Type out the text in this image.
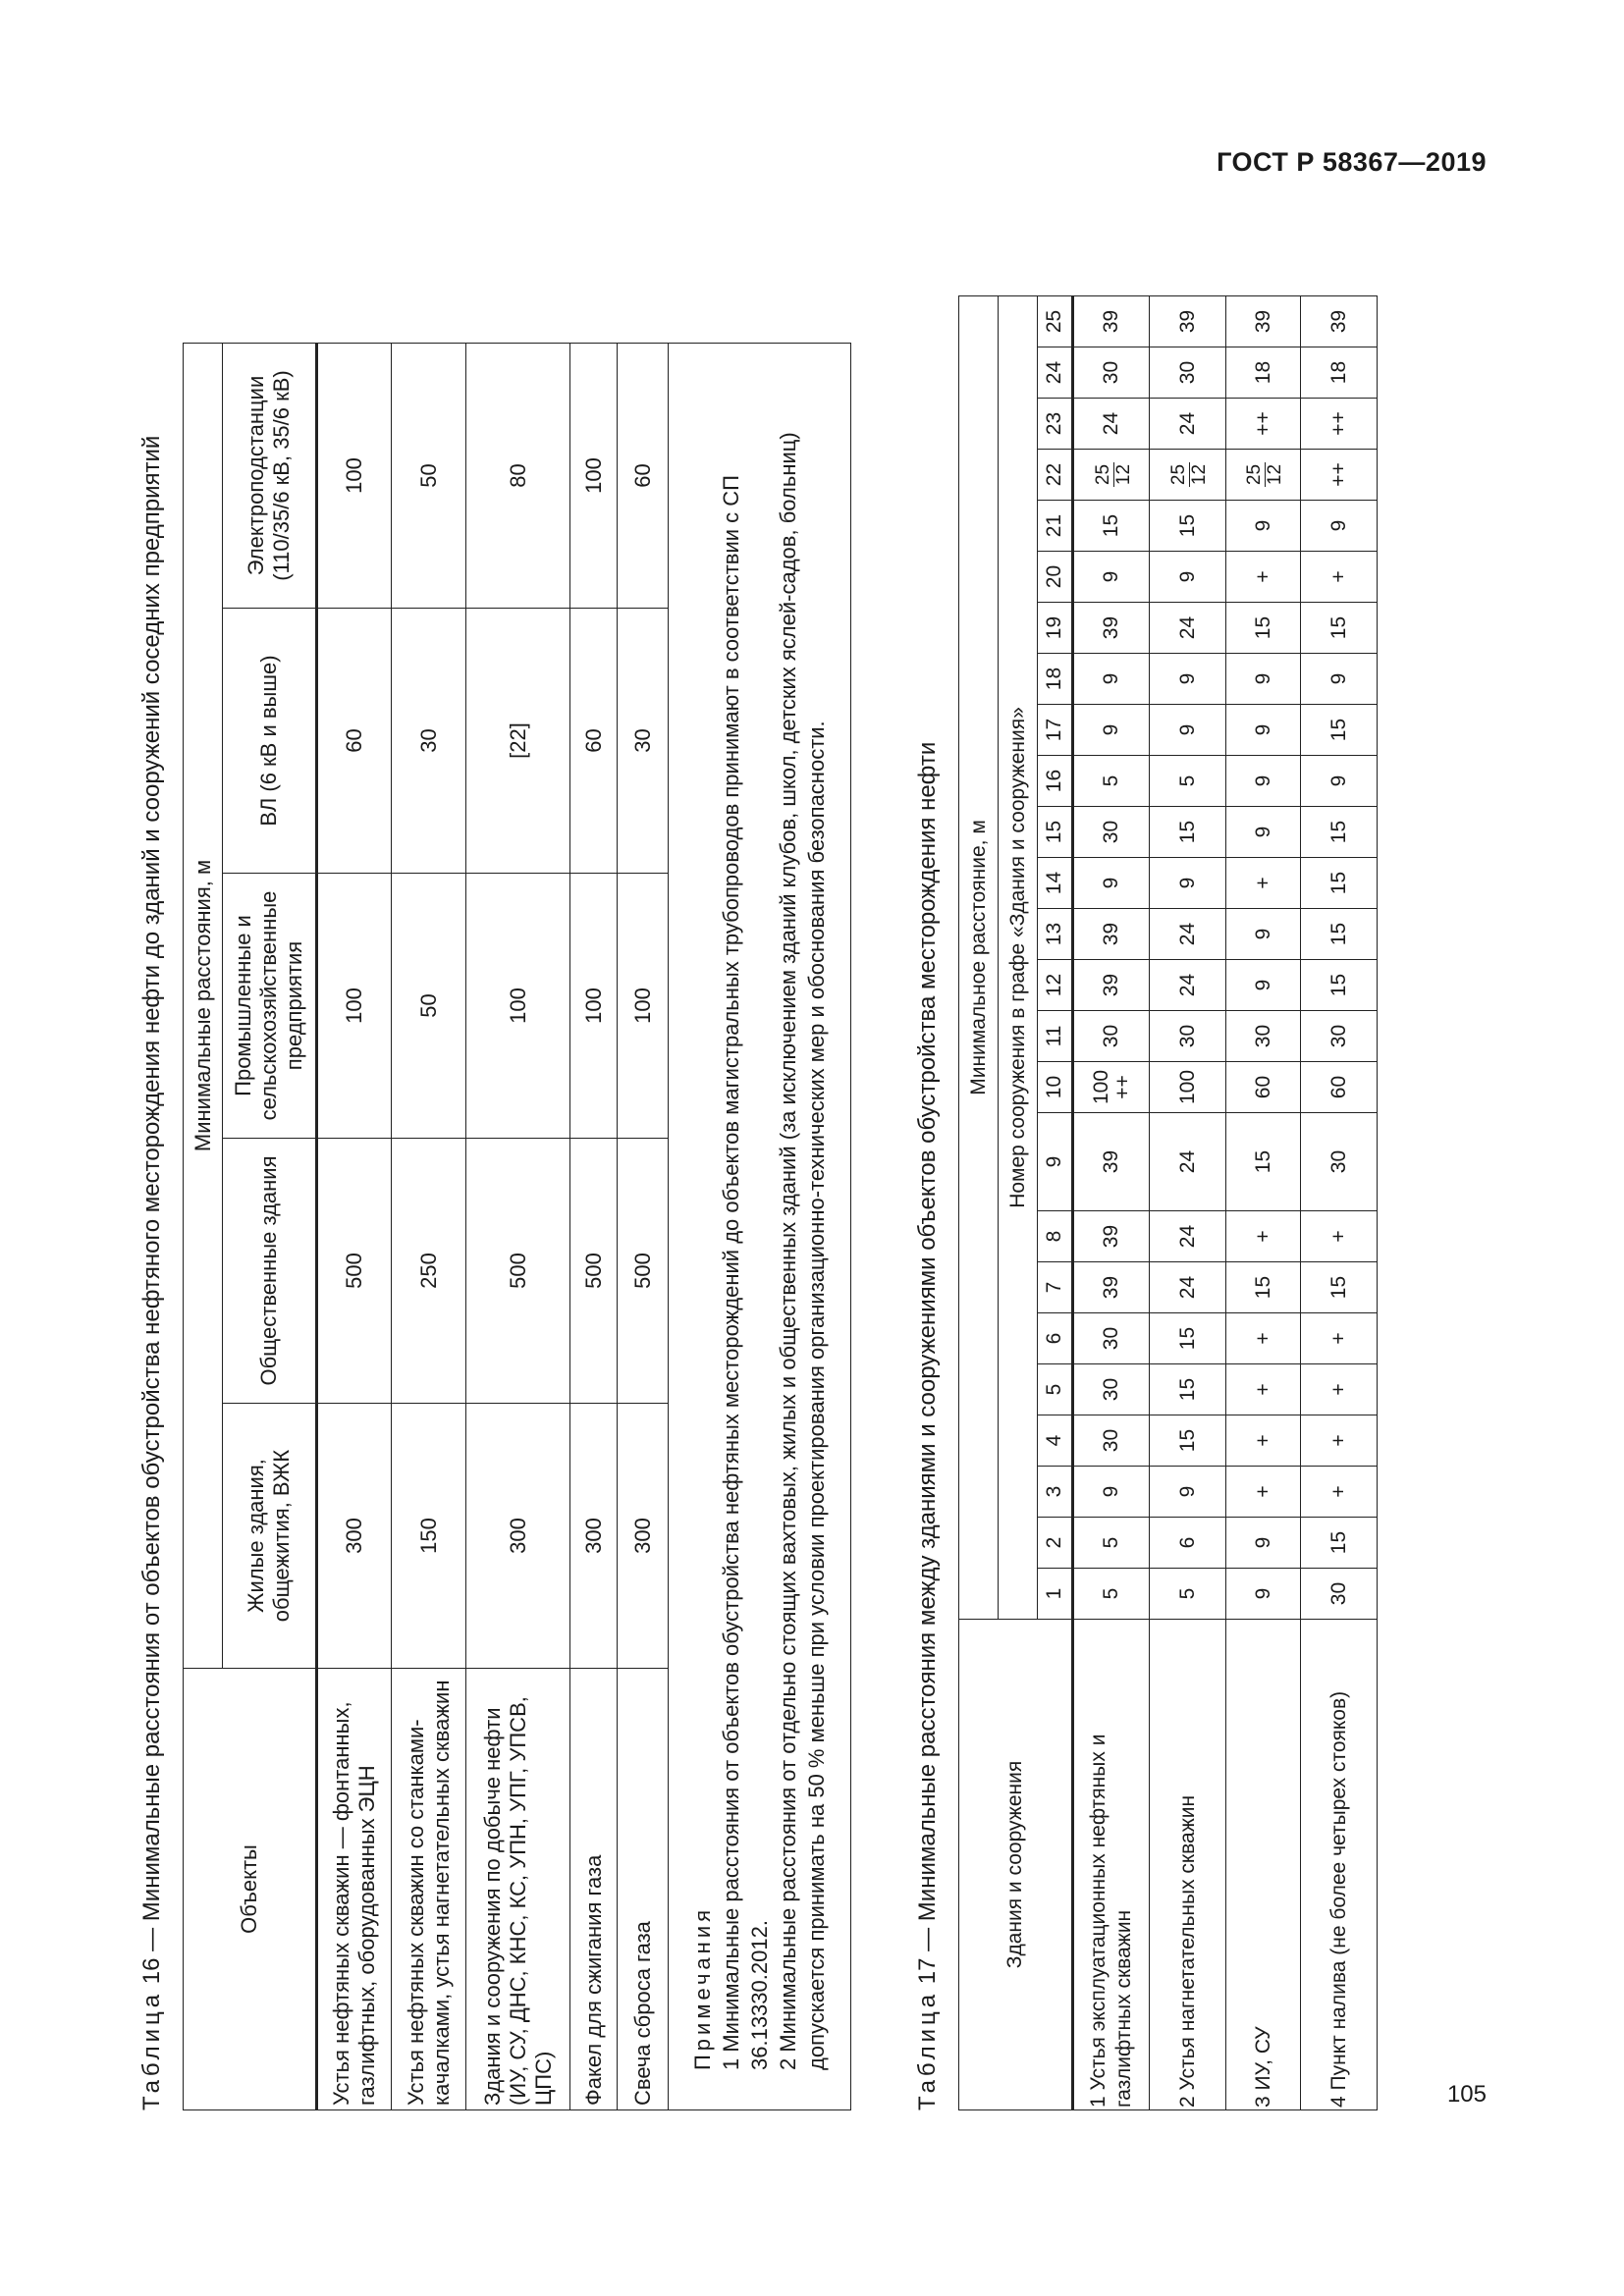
ГОСТ Р 58367—2019
105
Таблица 16 — Минимальные расстояния от объектов обустройства нефтяного месторождения нефти до зданий и сооружений соседних предприятий	Объекты	Минимальные расстояния, м				
	Жилые здания, общежития, ВЖК	Общественные здания	Промышленные и сельскохозяйственные предприятия	ВЛ (6 кВ и выше)	Электроподстанции (110/35/6 кВ, 35/6 кВ)
Устья нефтяных скважин — фонтанных, газлифтных, оборудованных ЭЦН	300	500	100	60	100
Устья нефтяных скважин со станками-качалками, устья нагнетательных скважин	150	250	50	30	50
Здания и сооружения по добыче нефти (ИУ, СУ, ДНС, КНС, КС, УПН, УПГ, УПСВ, ЦПС)	300	500	100	[22]	80
Факел для сжигания газа	300	500	100	60	100
Свеча сброса газа	300	500	100	30	60

Примечания 1 Минимальные расстояния от объектов обустройства нефтяных месторождений до объектов магистральных трубопроводов принимают в соответствии с СП 36.13330.2012. 2 Минимальные расстояния от отдельно стоящих вахтовых, жилых и общественных зданий (за исключением зданий клубов, школ, детских яслей-садов, больниц) допускается принимать на 50 % меньше при условии проектирования организационно-технических мер и обоснования безопасности.						Таблица 17 — Минимальные расстояния между зданиями и сооружениями объектов обустройства месторождения нефти	Здания и сооружения	Минимальное расстояние, м																								
	Номер сооружения в графе «Здания и сооружения»																								
	1	2	3	4	5	6	7	8	9	10	11	12	13	14	15	16	17	18	19	20	21	22	23	24	25
1 Устья эксплуатационных нефтяных и газлифтных скважин	5	5	9	30	30	30	39	39	39	100 ++	30	39	39	9	30	5	9	9	39	9	15	25 12	24	30	39
2 Устья нагнетательных скважин	5	6	9	15	15	15	24	24	24	100	30	24	24	9	15	5	9	9	24	9	15	25 12	24	30	39
3 ИУ, СУ	9	9	+	+	+	+	15	+	15	60	30	9	9	+	9	9	9	9	15	+	9	25 12	++	18	39
4 Пункт налива (не более четырех стояков)	30	15	+	+	+	+	15	+	30	60	30	15	15	15	15	9	15	9	15	+	9	++	++	18	39
